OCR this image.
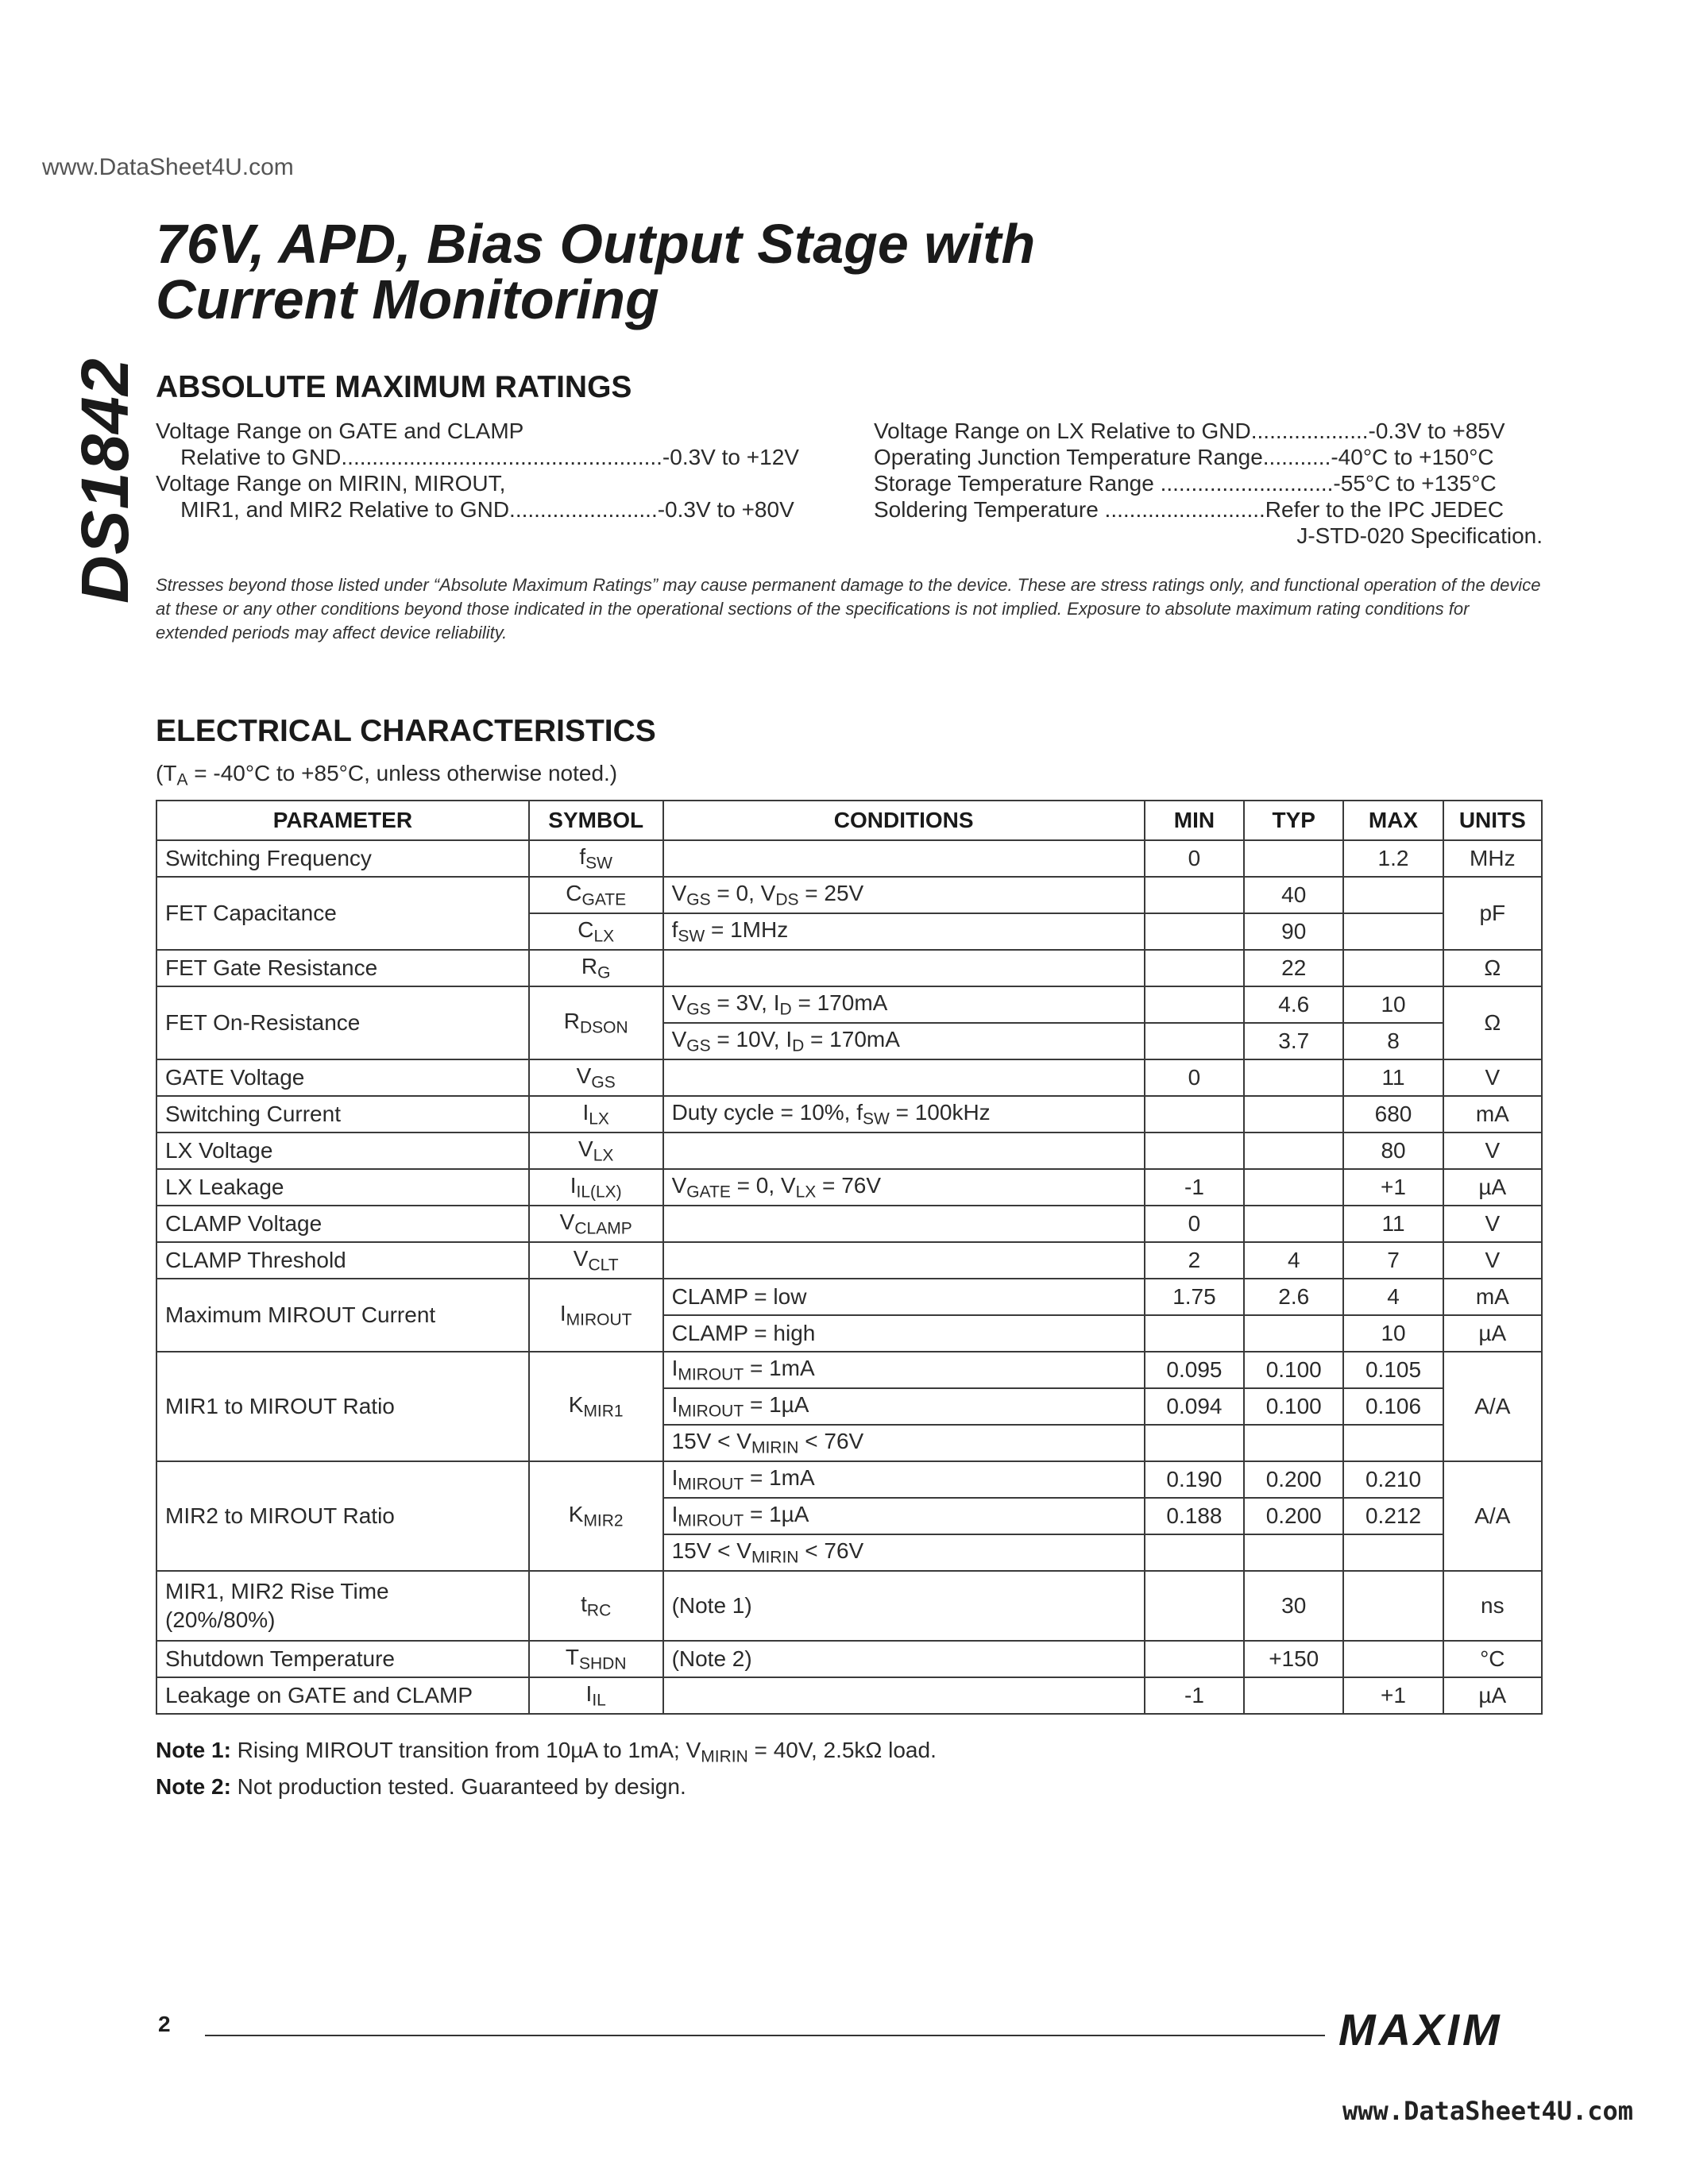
www.DataSheet4U.com
DS1842
76V, APD, Bias Output Stage with
Current Monitoring
ABSOLUTE MAXIMUM RATINGS
Voltage Range on GATE and CLAMP
Relative to GND....................................................-0.3V to +12V
Voltage Range on MIRIN, MIROUT,
MIR1, and MIR2 Relative to GND........................-0.3V to +80V
Voltage Range on LX Relative to GND...................-0.3V to +85V
Operating Junction Temperature Range...........-40°C to +150°C
Storage Temperature Range ............................-55°C to +135°C
Soldering Temperature ..........................Refer to the IPC JEDEC
J-STD-020 Specification.
Stresses beyond those listed under “Absolute Maximum Ratings” may cause permanent damage to the device. These are stress ratings only, and functional operation of the device at these or any other conditions beyond those indicated in the operational sections of the specifications is not implied. Exposure to absolute maximum rating conditions for extended periods may affect device reliability.
ELECTRICAL CHARACTERISTICS
($T_A = -40^\circ C$ to +85°C, unless otherwise noted.)
PARAMETER	SYMBOL	CONDITIONS	MIN	TYP	MAX	UNITS
Switching Frequency	$f_{SW}$		0		1.2	MHz
FET Capacitance	$C_{GATE}$	$V_{GS} = 0$, $V_{DS} = 25V$		40		pF
	$C_{LX}$	$f_{SW} = 1MHz$		90		
FET Gate Resistance	$R_G$			22		Ω
FET On-Resistance	$R_{DSON}$	$V_{GS} = 3V$, $I_D = 170mA$		4.6	10	Ω
		$V_{GS} = 10V$, $I_D = 170mA$		3.7	8	
GATE Voltage	$V_{GS}$		0		11	V
Switching Current	$I_{LX}$	Duty cycle = 10%, $f_{SW} = 100kHz$			680	mA
LX Voltage	$V_{LX}$				80	V
LX Leakage	$I_{IL(LX)}$	$V_{GATE} = 0$, $V_{LX} = 76V$	-1		+1	µA
CLAMP Voltage	$V_{CLAMP}$		0		11	V
CLAMP Threshold	$V_{CLT}$		2	4	7	V
Maximum MIROUT Current	$I_{MIROUT}$	CLAMP = low	1.75	2.6	4	mA
		CLAMP = high			10	µA
MIR1 to MIROUT Ratio	$K_{MIR1}$	$I_{MIROUT} = 1mA$	0.095	0.100	0.105	A/A
		$I_{MIROUT} = 1\mu A$	0.094	0.100	0.106	
		$15V < V_{MIRIN} < 76V$				
MIR2 to MIROUT Ratio	$K_{MIR2}$	$I_{MIROUT} = 1mA$	0.190	0.200	0.210	A/A
		$I_{MIROUT} = 1\mu A$	0.188	0.200	0.212	
		$15V < V_{MIRIN} < 76V$				

MIR1, MIR2 Rise Time
(20%/80%)	$t_{RC}$	(Note 1)		30		ns
Shutdown Temperature	$T_{SHDN}$	(Note 2)		+150		°C
Leakage on GATE and CLAMP	$I_{IL}$		-1		+1	µA
Note 1: Rising MIROUT transition from 10µA to 1mA; $V_{MIRIN} = 40V$, 2.5kΩ load.
Note 2: Not production tested. Guaranteed by design.
2	MAXIM
www.DataSheet4U.com
